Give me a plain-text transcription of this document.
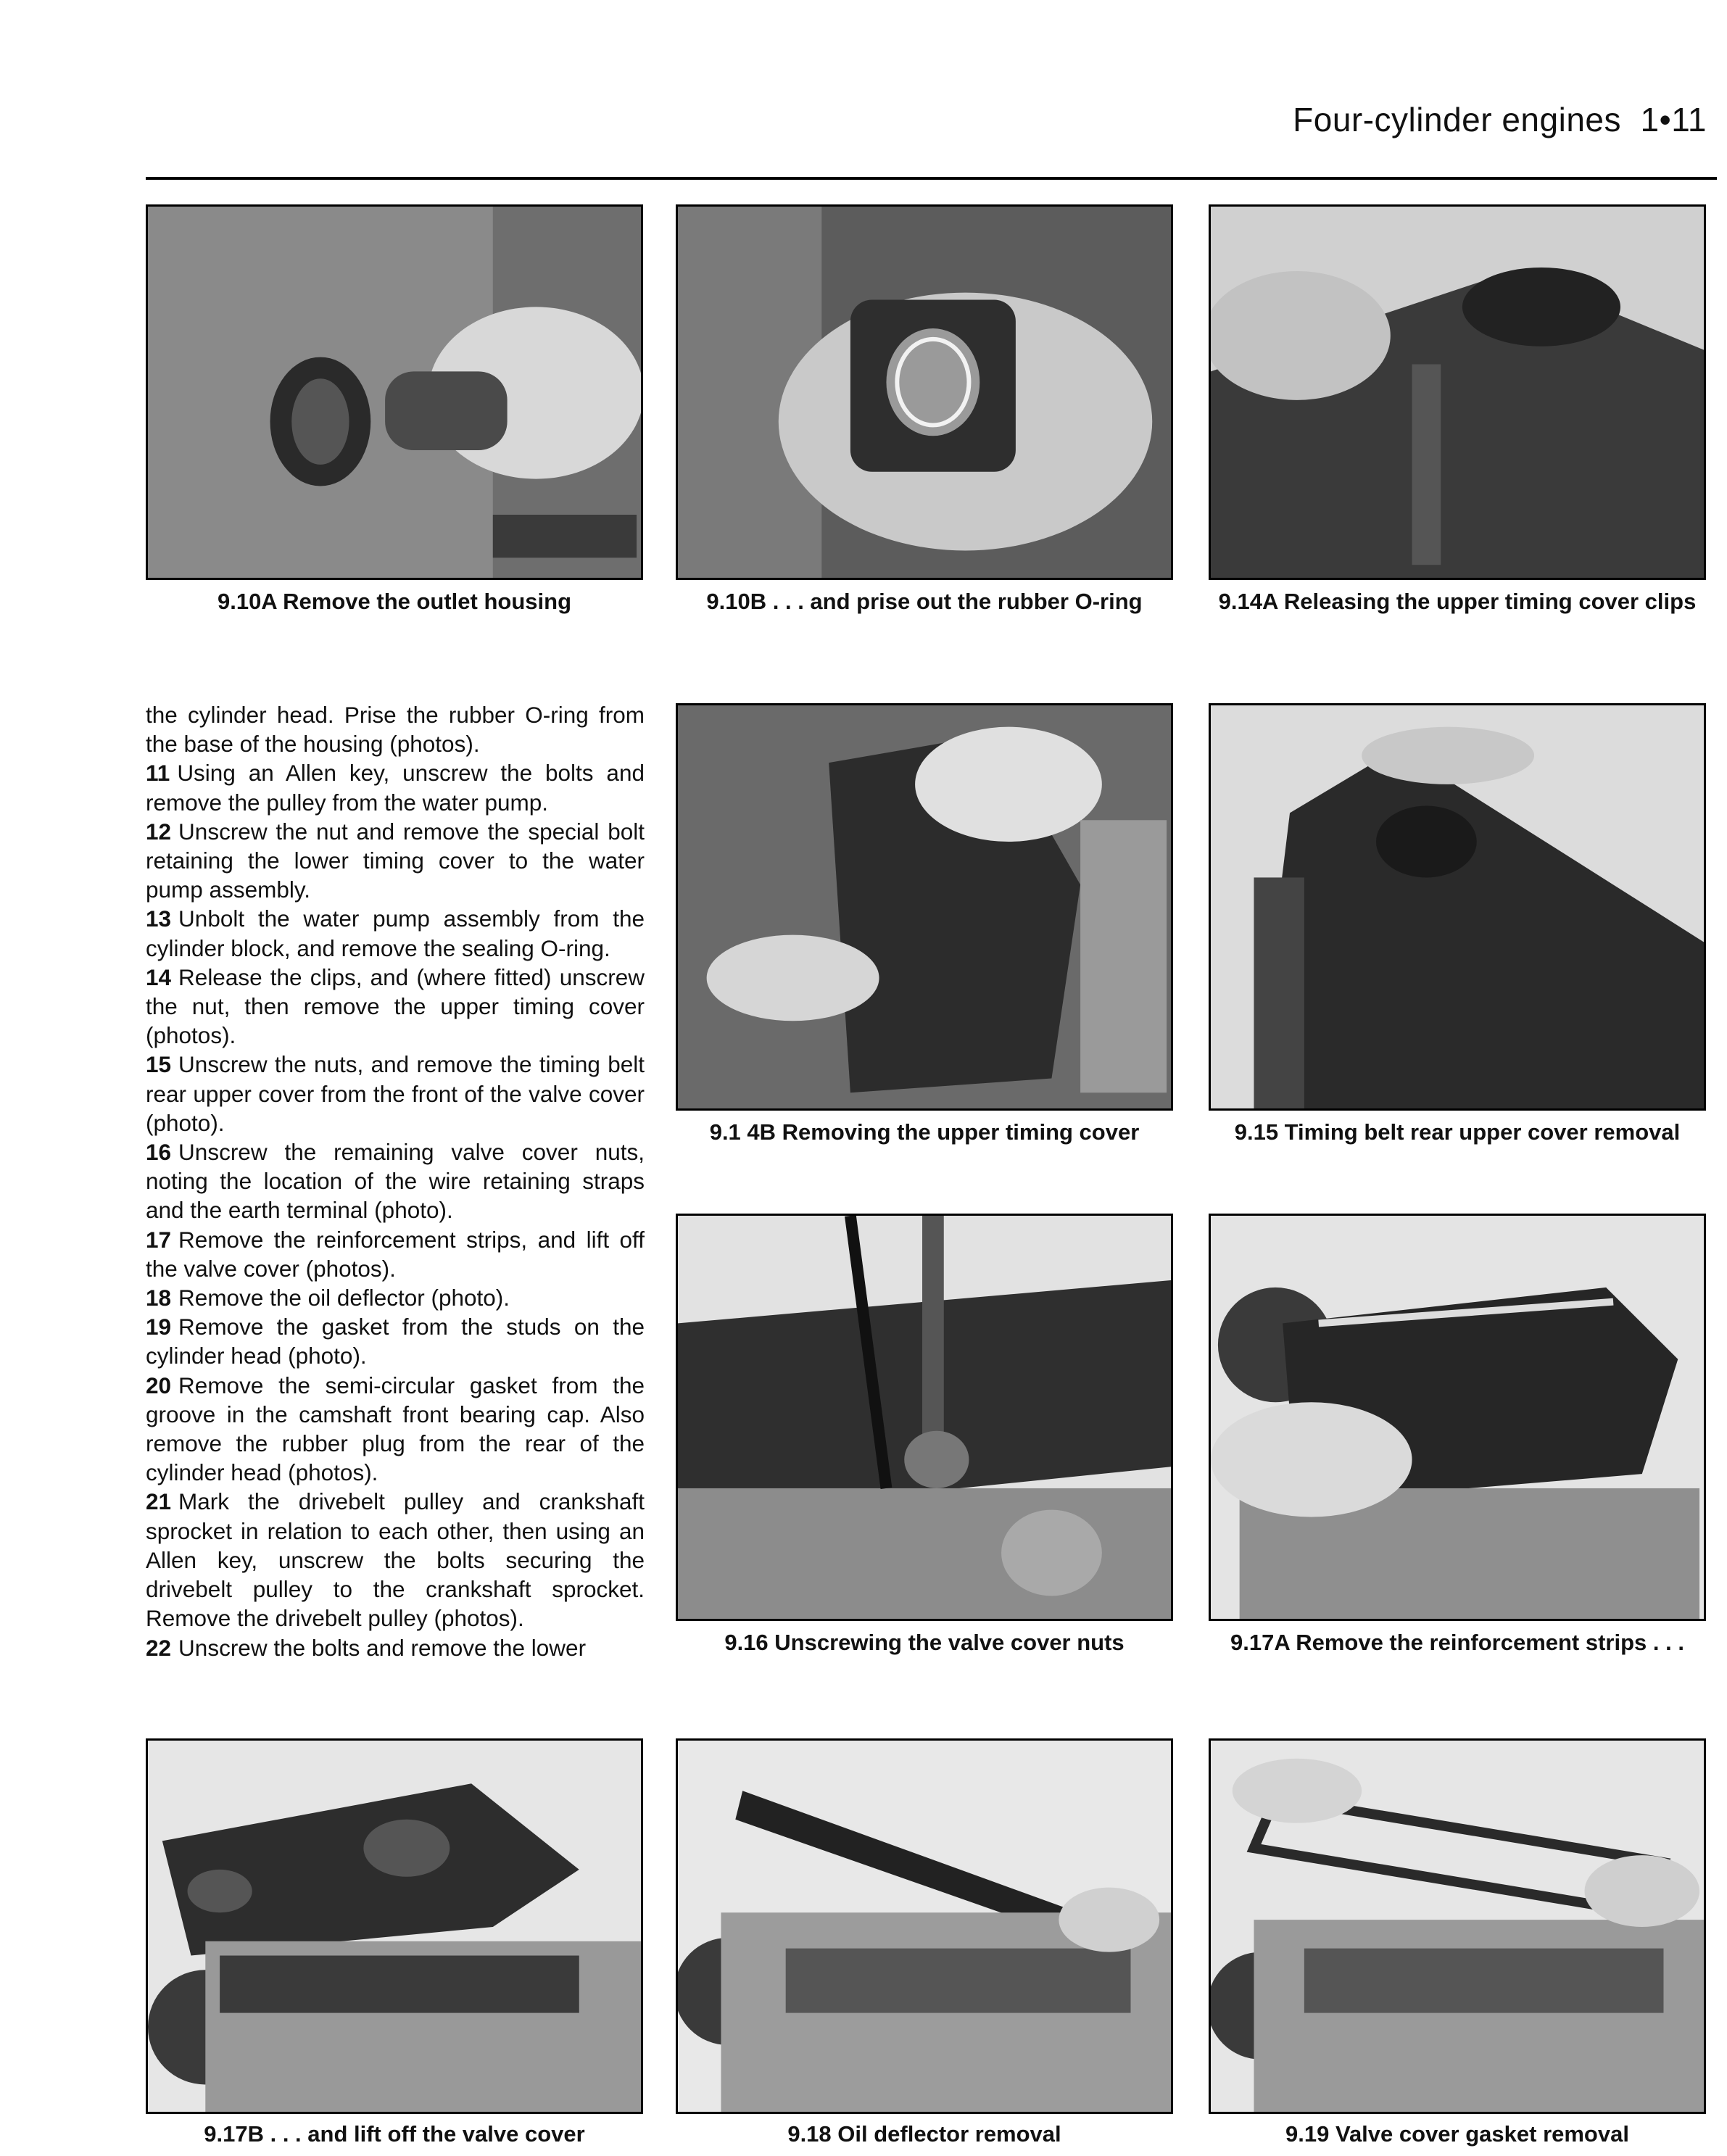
Four-cylinder engines 1•11
9.10A Remove the outlet housing	9.10B . . . and prise out the rubber O-ring	9.14A Releasing the upper timing cover clips

the cylinder head. Prise the rubber O-ring from the base of the housing (photos).

11 Using an Allen key, unscrew the bolts and remove the pulley from the water pump.

12 Unscrew the nut and remove the special bolt retaining the lower timing cover to the water pump assembly.

13 Unbolt the water pump assembly from the cylinder block, and remove the sealing O-ring.

14 Release the clips, and (where fitted) unscrew the nut, then remove the upper timing cover (photos).

15 Unscrew the nuts, and remove the timing belt rear upper cover from the front of the valve cover (photo).

16 Unscrew the remaining valve cover nuts, noting the location of the wire retaining straps and the earth terminal (photo).

17 Remove the reinforcement strips, and lift off the valve cover (photos).

18 Remove the oil deflector (photo).

19 Remove the gasket from the studs on the cylinder head (photo).

20 Remove the semi-circular gasket from the groove in the camshaft front bearing cap. Also remove the rubber plug from the rear of the cylinder head (photos).

21 Mark the drivebelt pulley and crankshaft sprocket in relation to each other, then using an Allen key, unscrew the bolts securing the drivebelt pulley to the crankshaft sprocket. Remove the drivebelt pulley (photos).

22 Unscrew the bolts and remove the lower

9.1 4B Removing the upper timing cover	9.15 Timing belt rear upper cover removal
9.16 Unscrewing the valve cover nuts	9.17A Remove the reinforcement strips . . .
9.17B . . . and lift off the valve cover	9.18 Oil deflector removal	9.19 Valve cover gasket removal
